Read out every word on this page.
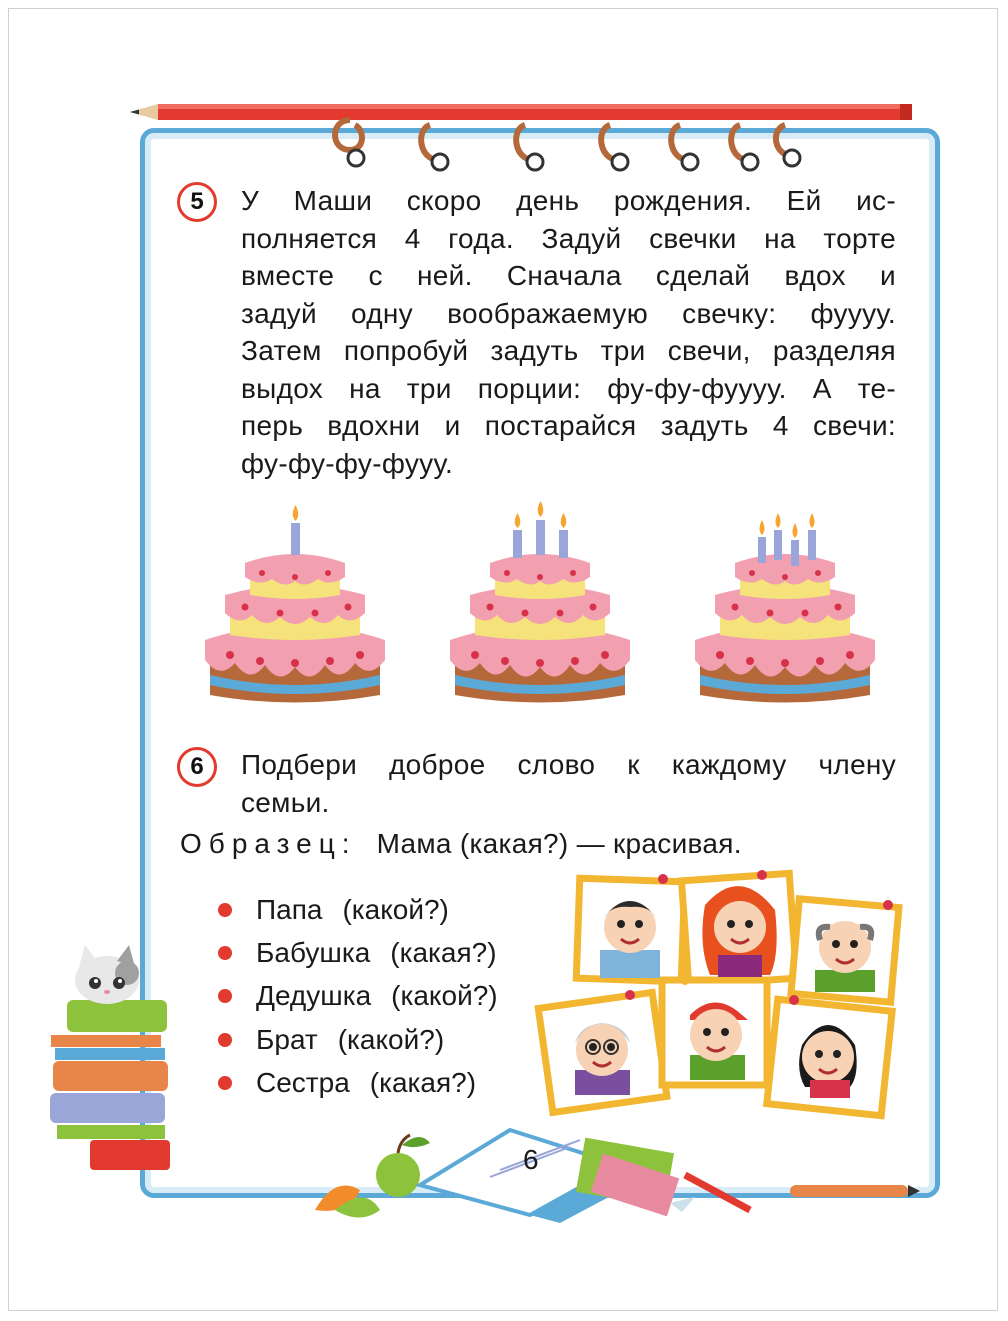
5	У Маши скоро день рождения. Ей ис-
полняется 4 года. Задуй свечки на торте
вместе с ней. Сначала сделай вдох и
задуй одну воображаемую свечку: фуууу.
Затем попробуй задуть три свечи, разделяя
выдох на три порции: фу-фу-фуууу. А те-
перь вдохни и постарайся задуть 4 свечи:
фу-фу-фу-фууу.
6	Подбери доброе слово к каждому члену
семьи.
Образец: Мама (какая?) — красивая.
Папа (какой?)
Бабушка (какая?)
Дедушка (какой?)
Брат (какой?)
Сестра (какая?)
6
